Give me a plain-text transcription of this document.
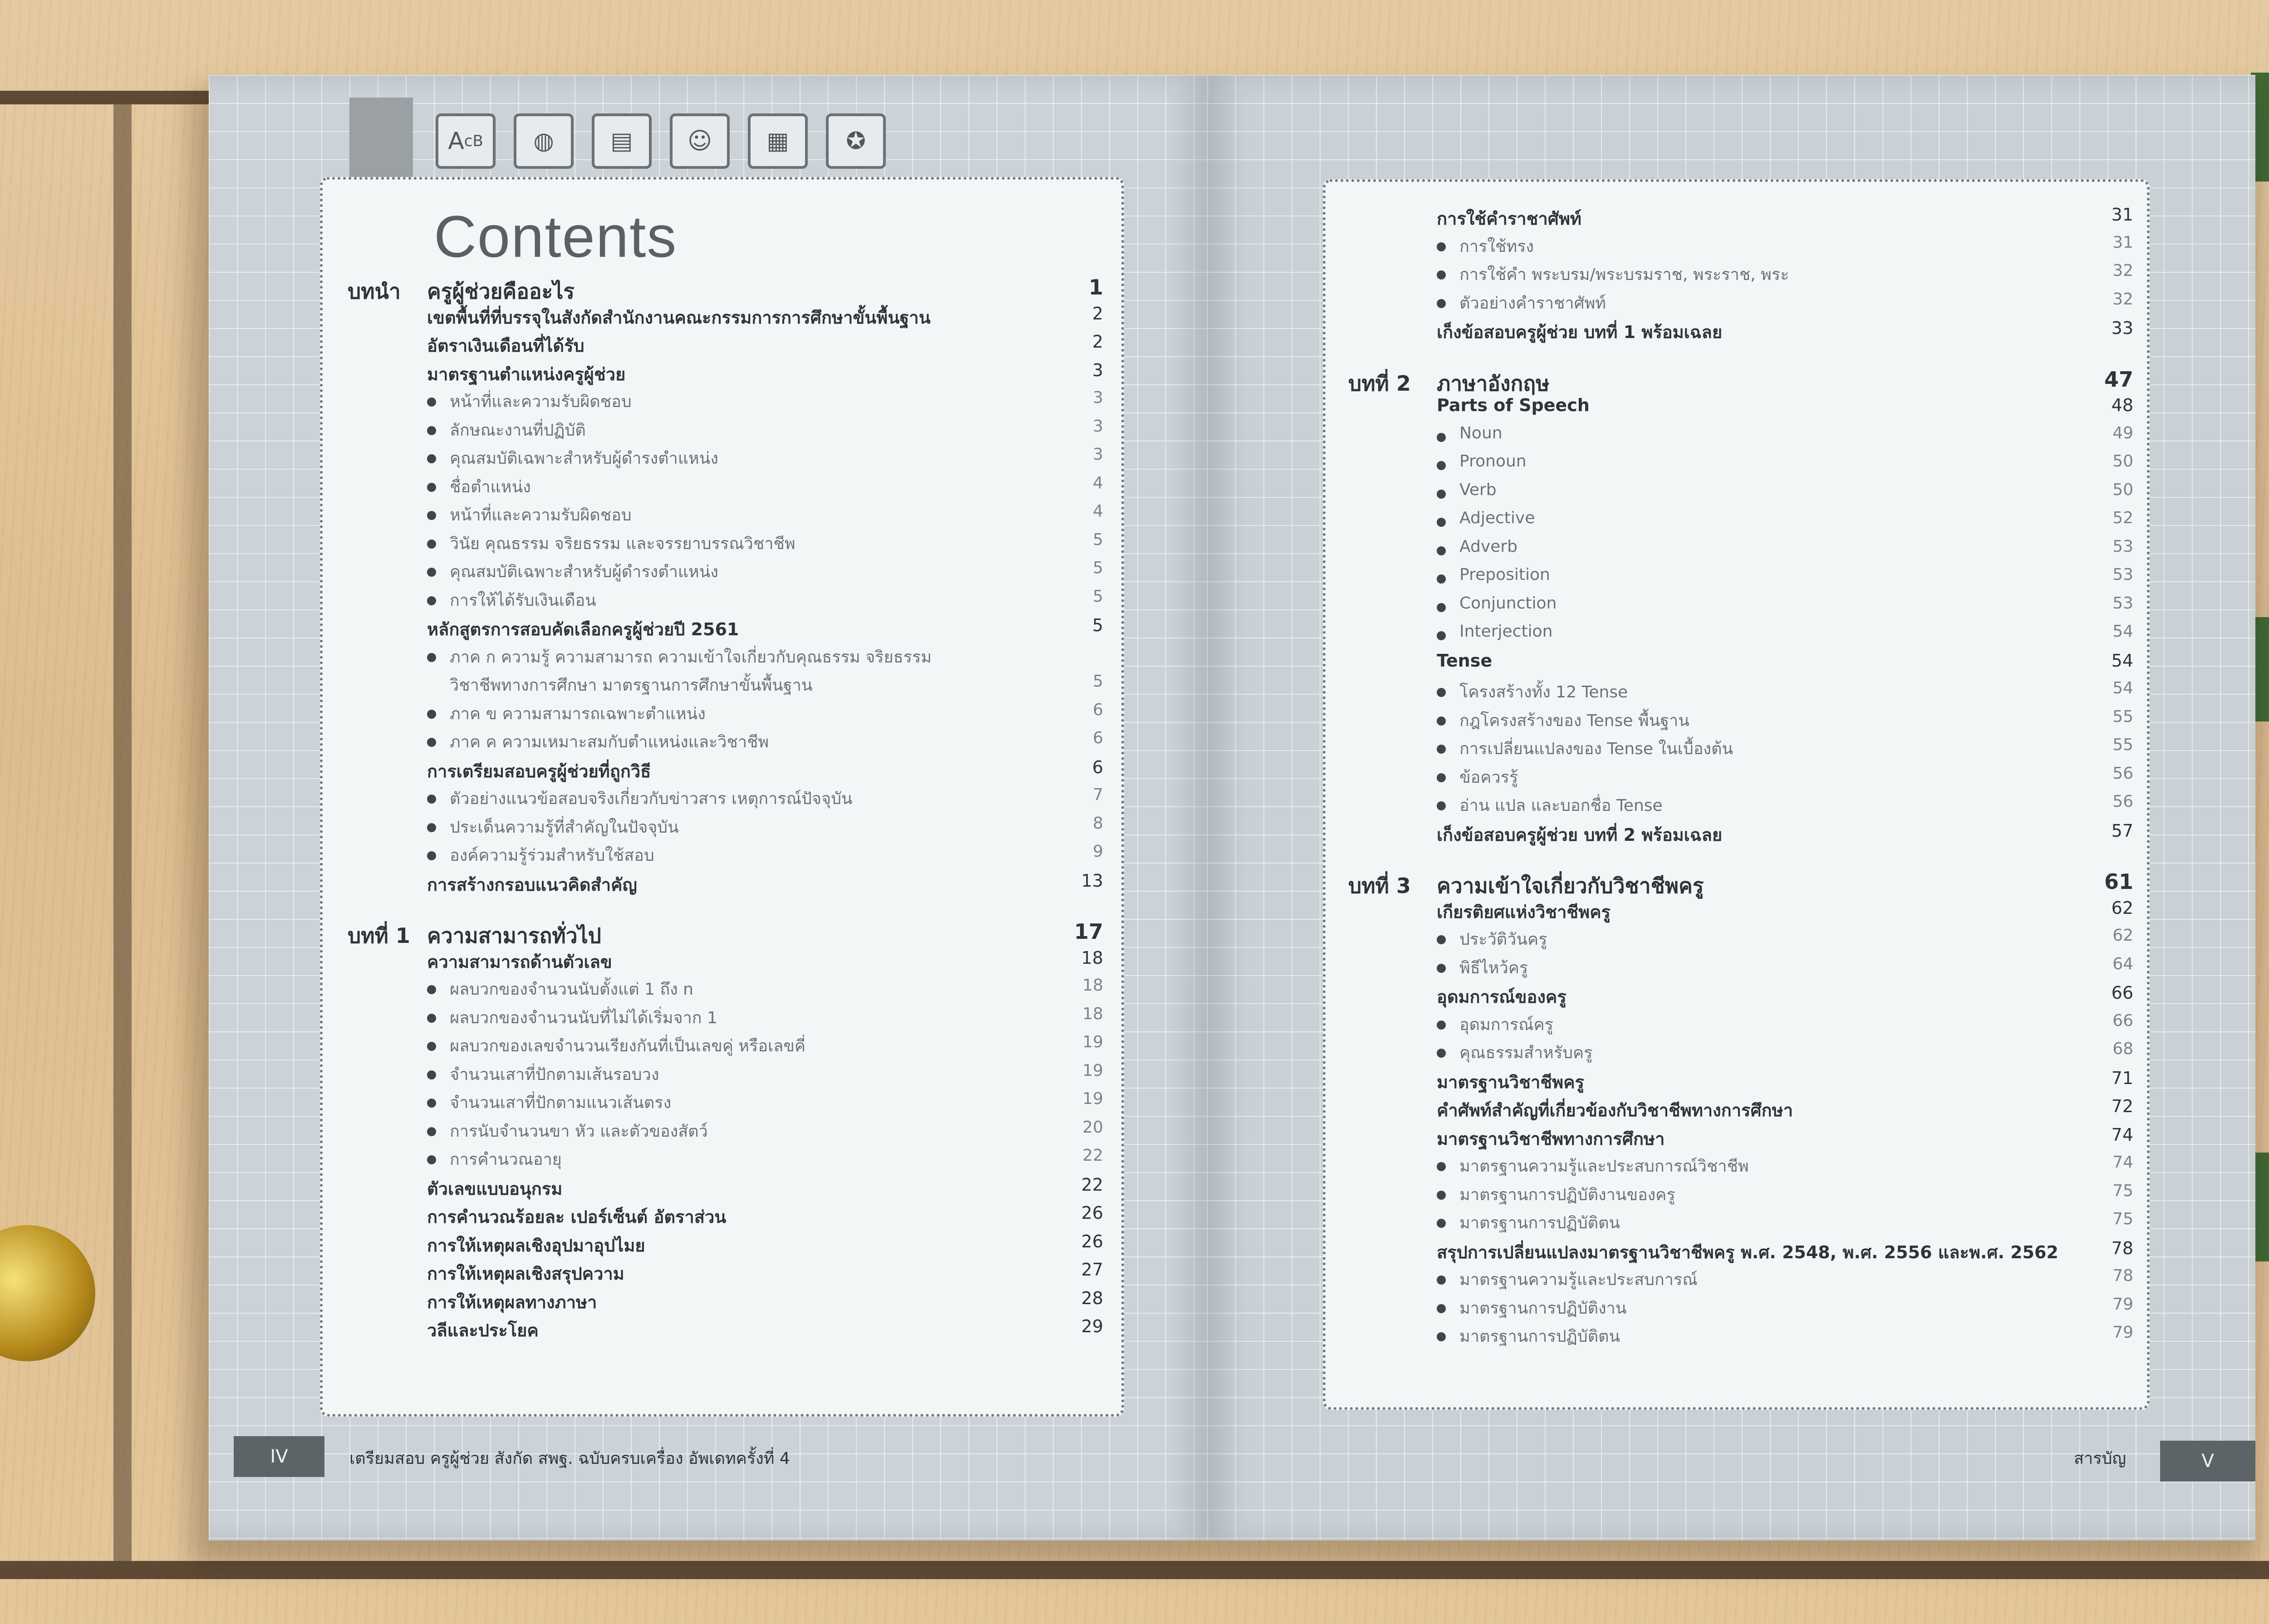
A cB	◍	▤	☺	▦	✪
Contents
บทนำ ครูผู้ช่วยคืออะไร	1
เขตพื้นที่ที่บรรจุในสังกัดสำนักงานคณะกรรมการการศึกษาขั้นพื้นฐาน	2
อัตราเงินเดือนที่ได้รับ	2
มาตรฐานตำแหน่งครูผู้ช่วย	3
หน้าที่และความรับผิดชอบ	3
ลักษณะงานที่ปฏิบัติ	3
คุณสมบัติเฉพาะสำหรับผู้ดำรงตำแหน่ง	3
ชื่อตำแหน่ง	4
หน้าที่และความรับผิดชอบ	4
วินัย คุณธรรม จริยธรรม และจรรยาบรรณวิชาชีพ	5
คุณสมบัติเฉพาะสำหรับผู้ดำรงตำแหน่ง	5
การให้ได้รับเงินเดือน	5
หลักสูตรการสอบคัดเลือกครูผู้ช่วยปี 2561	5
ภาค ก ความรู้ ความสามารถ ความเข้าใจเกี่ยวกับคุณธรรม จริยธรรม
วิชาชีพทางการศึกษา มาตรฐานการศึกษาขั้นพื้นฐาน	5
ภาค ข ความสามารถเฉพาะตำแหน่ง	6
ภาค ค ความเหมาะสมกับตำแหน่งและวิชาชีพ	6
การเตรียมสอบครูผู้ช่วยที่ถูกวิธี	6
ตัวอย่างแนวข้อสอบจริงเกี่ยวกับข่าวสาร เหตุการณ์ปัจจุบัน	7
ประเด็นความรู้ที่สำคัญในปัจจุบัน	8
องค์ความรู้ร่วมสำหรับใช้สอบ	9
การสร้างกรอบแนวคิดสำคัญ	13
บทที่ 1 ความสามารถทั่วไป	17
ความสามารถด้านตัวเลข	18
ผลบวกของจำนวนนับตั้งแต่ 1 ถึง n	18
ผลบวกของจำนวนนับที่ไม่ได้เริ่มจาก 1	18
ผลบวกของเลขจำนวนเรียงกันที่เป็นเลขคู่ หรือเลขคี่	19
จำนวนเสาที่ปักตามเส้นรอบวง	19
จำนวนเสาที่ปักตามแนวเส้นตรง	19
การนับจำนวนขา หัว และตัวของสัตว์	20
การคำนวณอายุ	22
ตัวเลขแบบอนุกรม	22
การคำนวณร้อยละ เปอร์เซ็นต์ อัตราส่วน	26
การให้เหตุผลเชิงอุปมาอุปไมย	26
การให้เหตุผลเชิงสรุปความ	27
การให้เหตุผลทางภาษา	28
วลีและประโยค	29
IV	เตรียมสอบ ครูผู้ช่วย สังกัด สพฐ. ฉบับครบเครื่อง อัพเดทครั้งที่ 4
การใช้คำราชาศัพท์	31
การใช้ทรง	31
การใช้คำ พระบรม/พระบรมราช, พระราช, พระ	32
ตัวอย่างคำราชาศัพท์	32
เก็งข้อสอบครูผู้ช่วย บทที่ 1 พร้อมเฉลย	33
บทที่ 2 ภาษาอังกฤษ	47
Parts of Speech	48
Noun	49
Pronoun	50
Verb	50
Adjective	52
Adverb	53
Preposition	53
Conjunction	53
Interjection	54
Tense	54
โครงสร้างทั้ง 12 Tense	54
กฎโครงสร้างของ Tense พื้นฐาน	55
การเปลี่ยนแปลงของ Tense ในเบื้องต้น	55
ข้อควรรู้	56
อ่าน แปล และบอกชื่อ Tense	56
เก็งข้อสอบครูผู้ช่วย บทที่ 2 พร้อมเฉลย	57
บทที่ 3 ความเข้าใจเกี่ยวกับวิชาชีพครู	61
เกียรติยศแห่งวิชาชีพครู	62
ประวัติวันครู	62
พิธีไหว้ครู	64
อุดมการณ์ของครู	66
อุดมการณ์ครู	66
คุณธรรมสำหรับครู	68
มาตรฐานวิชาชีพครู	71
คำศัพท์สำคัญที่เกี่ยวข้องกับวิชาชีพทางการศึกษา	72
มาตรฐานวิชาชีพทางการศึกษา	74
มาตรฐานความรู้และประสบการณ์วิชาชีพ	74
มาตรฐานการปฏิบัติงานของครู	75
มาตรฐานการปฏิบัติตน	75
สรุปการเปลี่ยนแปลงมาตรฐานวิชาชีพครู พ.ศ. 2548, พ.ศ. 2556 และพ.ศ. 2562	78
มาตรฐานความรู้และประสบการณ์	78
มาตรฐานการปฏิบัติงาน	79
มาตรฐานการปฏิบัติตน	79
สารบัญ	V
